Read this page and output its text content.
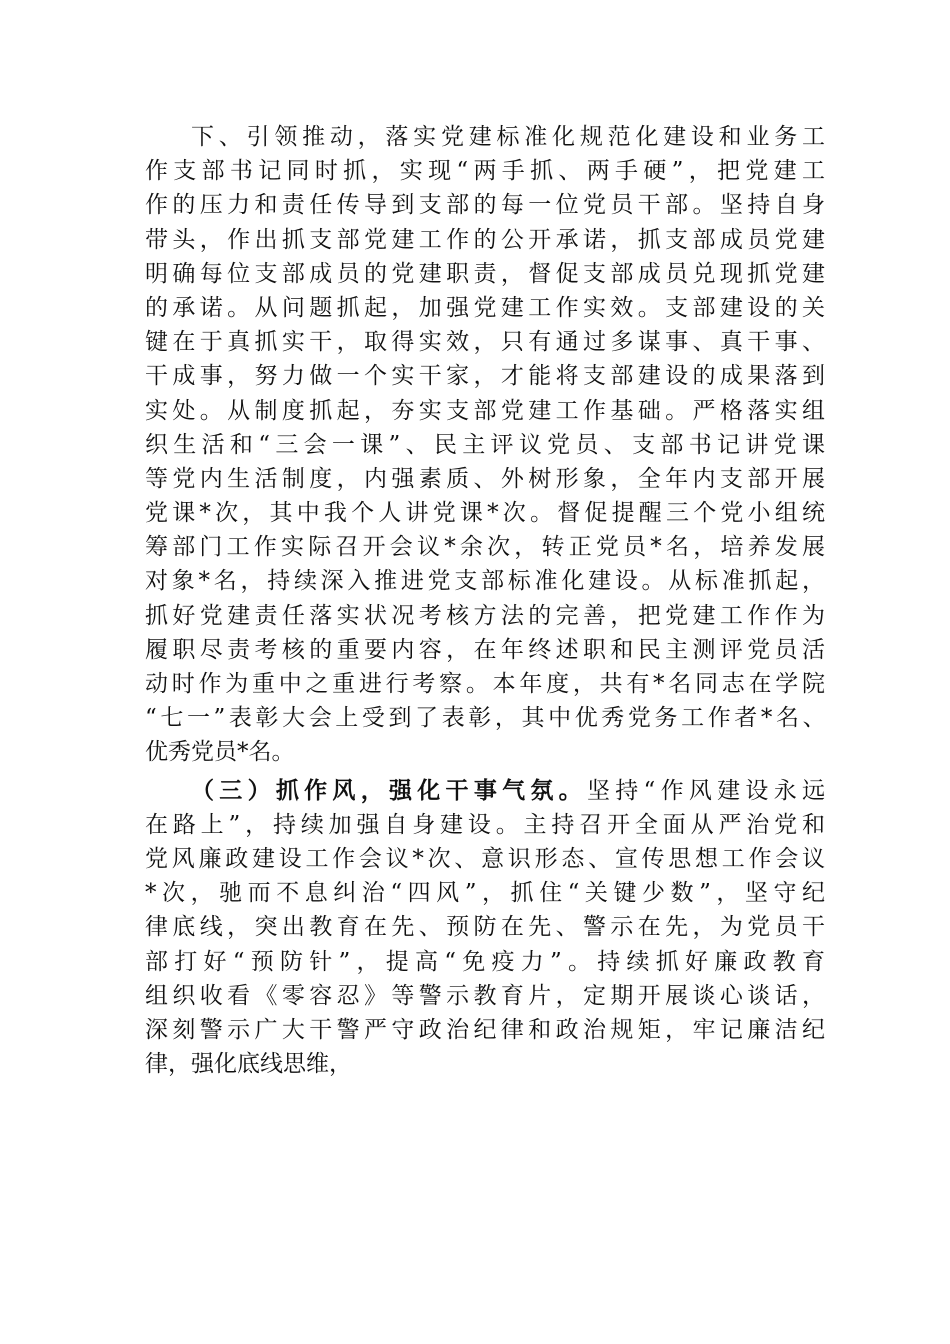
下、引领推动，落实党建标准化规范化建设和业务工
作支部书记同时抓，实现“两手抓、两手硬”，把党建工
作的压力和责任传导到支部的每一位党员干部。坚持自身
带头，作出抓支部党建工作的公开承诺，抓支部成员党建
明确每位支部成员的党建职责，督促支部成员兑现抓党建
的承诺。从问题抓起，加强党建工作实效。支部建设的关
键在于真抓实干，取得实效，只有通过多谋事、真干事、
干成事，努力做一个实干家，才能将支部建设的成果落到
实处。从制度抓起，夯实支部党建工作基础。严格落实组
织生活和“三会一课”、民主评议党员、支部书记讲党课
等党内生活制度，内强素质、外树形象，全年内支部开展
党课*次，其中我个人讲党课*次。督促提醒三个党小组统
筹部门工作实际召开会议*余次，转正党员*名，培养发展
对象*名，持续深入推进党支部标准化建设。从标准抓起，
抓好党建责任落实状况考核方法的完善，把党建工作作为
履职尽责考核的重要内容，在年终述职和民主测评党员活
动时作为重中之重进行考察。本年度，共有*名同志在学院
“七一”表彰大会上受到了表彰，其中优秀党务工作者*名、
优秀党员*名。
（三）抓作风，强化干事气氛。坚持“作风建设永远
在路上”，持续加强自身建设。主持召开全面从严治党和
党风廉政建设工作会议*次、意识形态、宣传思想工作会议
*次，驰而不息纠治“四风”，抓住“关键少数”，坚守纪
律底线，突出教育在先、预防在先、警示在先，为党员干
部打好“预防针”，提高“免疫力”。持续抓好廉政教育
组织收看《零容忍》等警示教育片，定期开展谈心谈话，
深刻警示广大干警严守政治纪律和政治规矩，牢记廉洁纪
律，强化底线思维，
